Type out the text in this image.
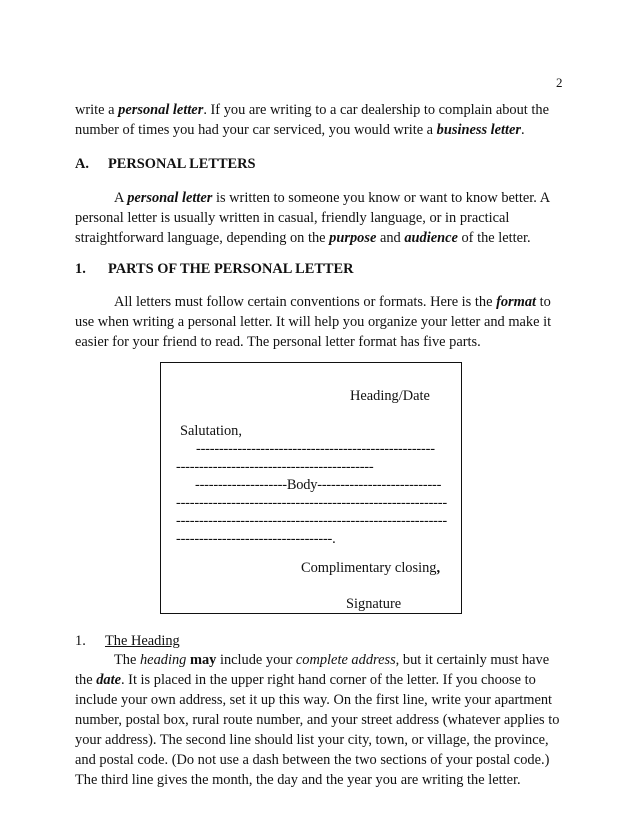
2
write a personal letter. If you are writing to a car dealership to complain about the
number of times you had your car serviced, you would write a business letter.
A. PERSONAL LETTERS
A personal letter is written to someone you know or want to know better. A
personal letter is usually written in casual, friendly language, or in practical
straightforward language, depending on the purpose and audience of the letter.
1. PARTS OF THE PERSONAL LETTER
All letters must follow certain conventions or formats. Here is the format to
use when writing a personal letter. It will help you organize your letter and make it
easier for your friend to read. The personal letter format has five parts.
Heading/Date
Salutation,
----------------------------------------------------
-------------------------------------------
--------------------Body---------------------------
-----------------------------------------------------------
-----------------------------------------------------------
----------------------------------.
Complimentary closing,
Signature
1. The Heading
The heading may include your complete address, but it certainly must have
the date. It is placed in the upper right hand corner of the letter. If you choose to
include your own address, set it up this way. On the first line, write your apartment
number, postal box, rural route number, and your street address (whatever applies to
your address). The second line should list your city, town, or village, the province,
and postal code. (Do not use a dash between the two sections of your postal code.)
The third line gives the month, the day and the year you are writing the letter.
